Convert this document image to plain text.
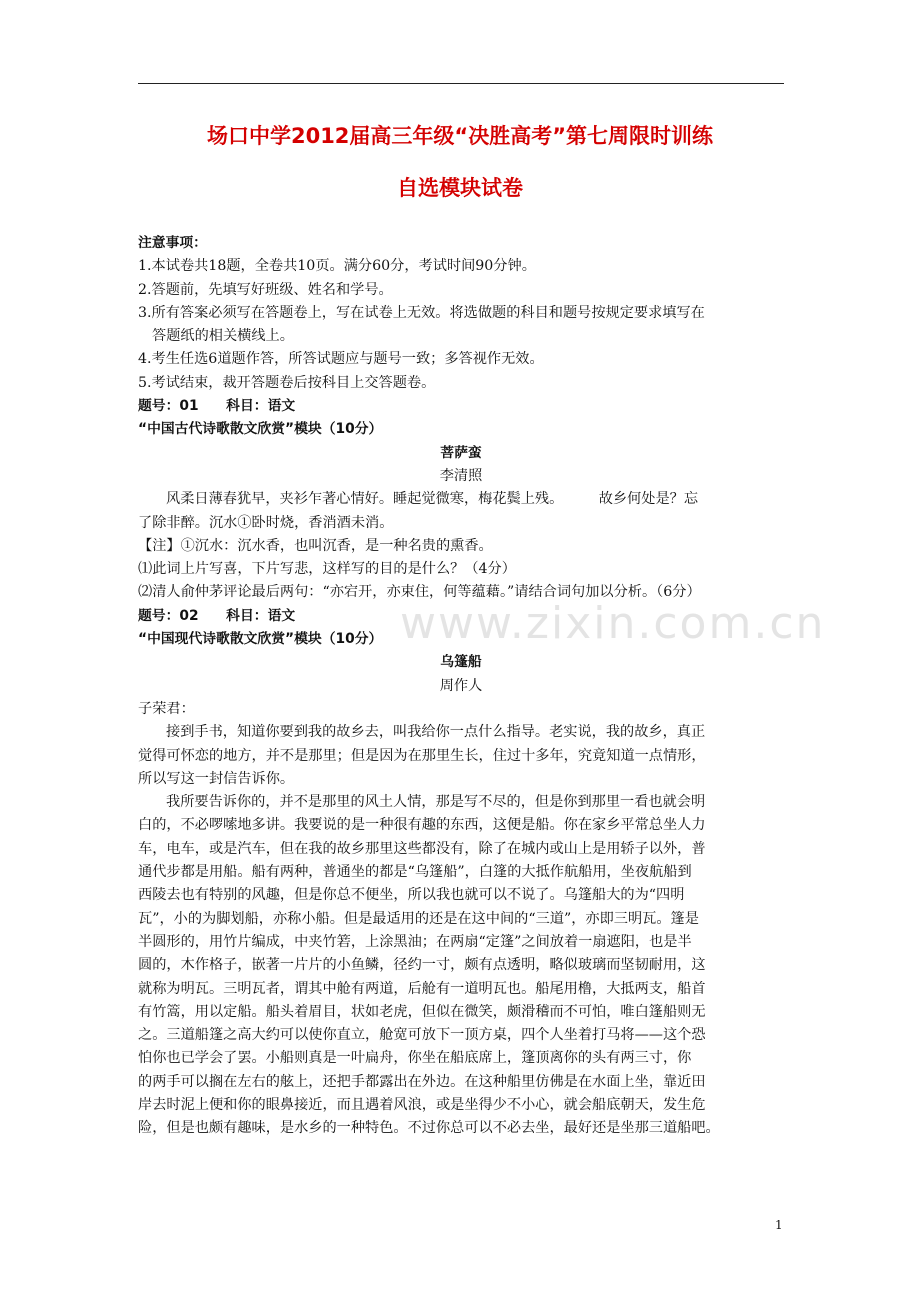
场口中学2012届高三年级“决胜高考”第七周限时训练
自选模块试卷
www.zixin.com.cn
注意事项：
1.本试卷共18题，全卷共10页。满分60分，考试时间90分钟。
2.答题前，先填写好班级、姓名和学号。
3.所有答案必须写在答题卷上，写在试卷上无效。将选做题的科目和题号按规定要求填写在
答题纸的相关横线上。
4.考生任选6道题作答，所答试题应与题号一致；多答视作无效。
5.考试结束，裁开答题卷后按科目上交答题卷。
题号：01　　科目：语文
“中国古代诗歌散文欣赏”模块（10分）
菩萨蛮
李清照
风柔日薄春犹早，夹衫乍著心情好。睡起觉微寒，梅花鬓上残。　　　故乡何处是？忘
了除非醉。沉水①卧时烧，香消酒未消。
【注】①沉水：沉水香，也叫沉香，是一种名贵的熏香。
⑴此词上片写喜，下片写悲，这样写的目的是什么？（4分）
⑵清人俞仲茅评论最后两句：“亦宕开，亦束住，何等蕴藉。”请结合词句加以分析。（6分）
题号：02　　科目：语文
“中国现代诗歌散文欣赏”模块（10分）
乌篷船
周作人
子荣君：
接到手书，知道你要到我的故乡去，叫我给你一点什么指导。老实说，我的故乡，真正
觉得可怀恋的地方，并不是那里；但是因为在那里生长，住过十多年，究竟知道一点情形，
所以写这一封信告诉你。
我所要告诉你的，并不是那里的风土人情，那是写不尽的，但是你到那里一看也就会明
白的，不必啰嗦地多讲。我要说的是一种很有趣的东西，这便是船。你在家乡平常总坐人力
车，电车，或是汽车，但在我的故乡那里这些都没有，除了在城内或山上是用轿子以外，普
通代步都是用船。船有两种，普通坐的都是“乌篷船”，白篷的大抵作航船用，坐夜航船到
西陵去也有特别的风趣，但是你总不便坐，所以我也就可以不说了。乌篷船大的为“四明
瓦”，小的为脚划船，亦称小船。但是最适用的还是在这中间的“三道”，亦即三明瓦。篷是
半圆形的，用竹片编成，中夹竹箬，上涂黑油；在两扇“定篷”之间放着一扇遮阳，也是半
圆的，木作格子，嵌著一片片的小鱼鳞，径约一寸，颇有点透明，略似玻璃而坚韧耐用，这
就称为明瓦。三明瓦者，谓其中舱有两道，后舱有一道明瓦也。船尾用橹，大抵两支，船首
有竹篙，用以定船。船头着眉目，状如老虎，但似在微笑，颇滑稽而不可怕，唯白篷船则无
之。三道船篷之高大约可以使你直立，舱宽可放下一顶方桌，四个人坐着打马将——这个恐
怕你也已学会了罢。小船则真是一叶扁舟，你坐在船底席上，篷顶离你的头有两三寸，你
的两手可以搁在左右的舷上，还把手都露出在外边。在这种船里仿佛是在水面上坐，靠近田
岸去时泥上便和你的眼鼻接近，而且遇着风浪，或是坐得少不小心，就会船底朝天，发生危
险，但是也颇有趣味，是水乡的一种特色。不过你总可以不必去坐，最好还是坐那三道船吧。
1
